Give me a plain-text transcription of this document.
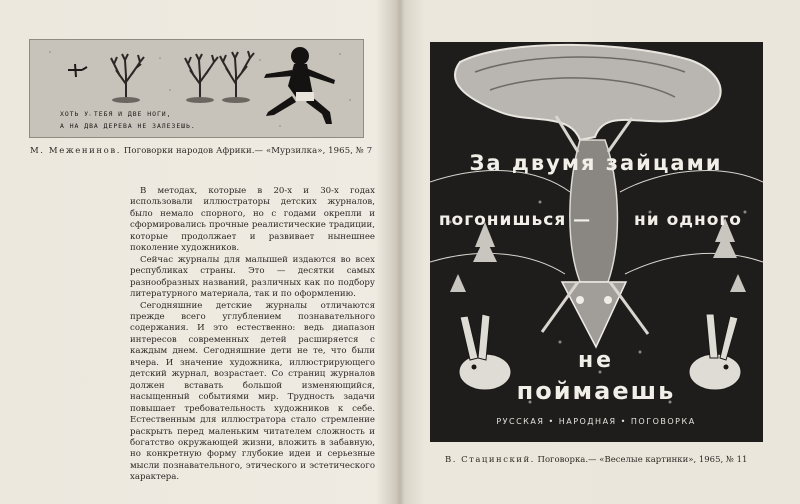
ХОТЬ У ТЕБЯ И ДВЕ НОГИ,
А НА ДВА ДЕРЕВА НЕ ЗАЛЕЗЕШЬ.
М. Меженинов. Поговорки народов Африки.— «Мурзилка», 1965, № 7

В методах, которые в 20-х и 30-х годах использовали иллюстраторы детских журналов, было немало спорного, но с годами окрепли и сформировались прочные реалистические традиции, которые продолжает и развивает нынешнее поколение художников.

Сейчас журналы для малышей издаются во всех республиках страны. Это — десятки самых разнообразных названий, различных как по подбору литературного материала, так и по оформлению.

Сегодняшние детские журналы отличаются прежде всего углублением познавательного содержания. И это естественно: ведь диапазон интересов современных детей расширяется с каждым днем. Сегодняшние дети не те, что были вчера. И значение художника, иллюстрирующего детский журнал, возрастает. Со страниц журналов должен вставать большой изменяющийся, насыщенный событиями мир. Трудность задачи повышает требовательность художников к себе. Естественным для иллюстратора стало стремление раскрыть перед маленьким читателем сложность и богатство окружающей жизни, вложить в забавную, но конкретную форму глубокие идеи и серьезные мысли познавательного, этического и эстетического характера.

За двумя зайцами
погонишься —	ни одного
не
поймаешь
РУССКАЯ • НАРОДНАЯ • ПОГОВОРКА
В. Стацинский. Поговорка.— «Веселые картинки», 1965, № 11
